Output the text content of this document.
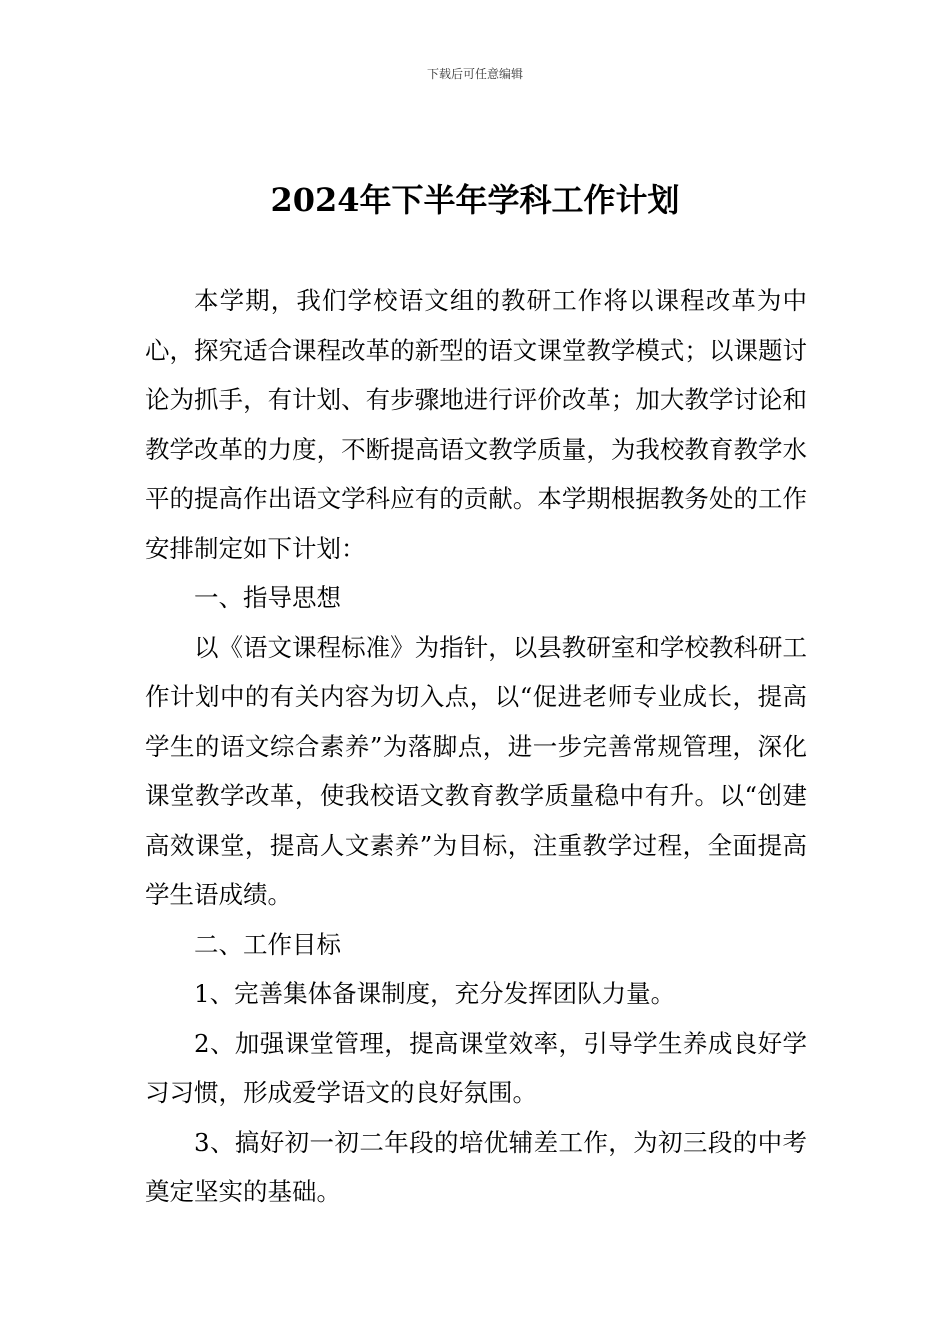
下载后可任意编辑
2024年下半年学科工作计划

本学期，我们学校语文组的教研工作将以课程改革为中心，探究适合课程改革的新型的语文课堂教学模式；以课题讨论为抓手，有计划、有步骤地进行评价改革；加大教学讨论和教学改革的力度，不断提高语文教学质量，为我校教育教学水平的提高作出语文学科应有的贡献。本学期根据教务处的工作安排制定如下计划：

一、指导思想

以《语文课程标准》为指针，以县教研室和学校教科研工作计划中的有关内容为切入点，以“促进老师专业成长，提高学生的语文综合素养”为落脚点，进一步完善常规管理，深化课堂教学改革，使我校语文教育教学质量稳中有升。以“创建高效课堂，提高人文素养”为目标，注重教学过程，全面提高学生语成绩。

二、工作目标

1、完善集体备课制度，充分发挥团队力量。

2、加强课堂管理，提高课堂效率，引导学生养成良好学习习惯，形成爱学语文的良好氛围。

3、搞好初一初二年段的培优辅差工作，为初三段的中考奠定坚实的基础。
